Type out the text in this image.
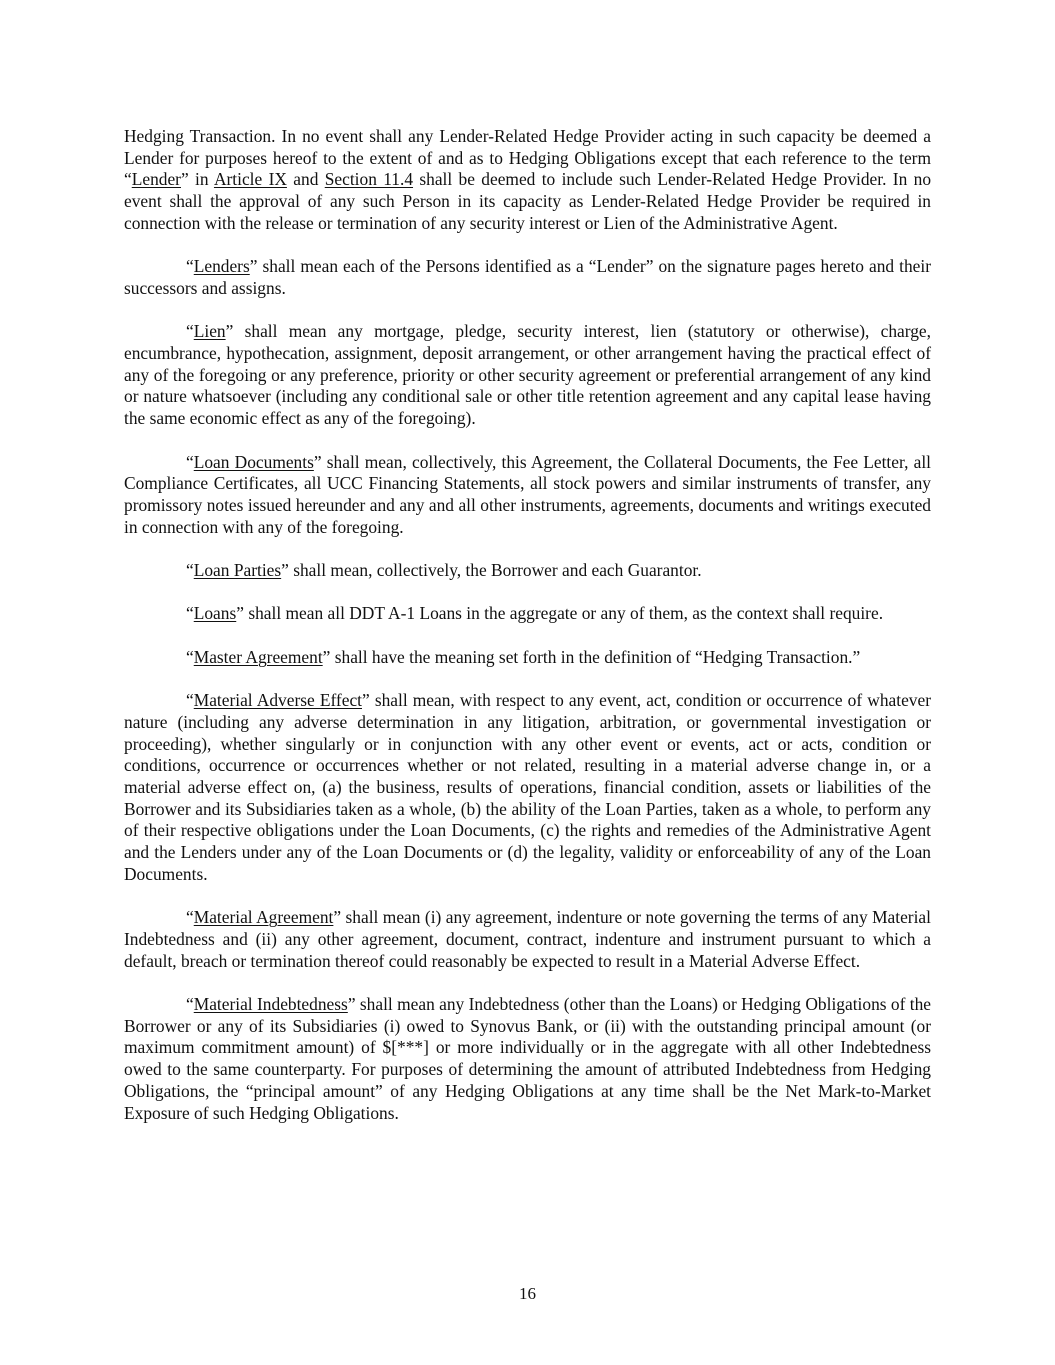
Hedging Transaction. In no event shall any Lender-Related Hedge Provider acting in such capacity be deemed a Lender for purposes hereof to the extent of and as to Hedging Obligations except that each reference to the term “Lender” in Article IX and Section 11.4 shall be deemed to include such Lender-Related Hedge Provider. In no event shall the approval of any such Person in its capacity as Lender-Related Hedge Provider be required in connection with the release or termination of any security interest or Lien of the Administrative Agent.

“Lenders” shall mean each of the Persons identified as a “Lender” on the signature pages hereto and their successors and assigns.

“Lien” shall mean any mortgage, pledge, security interest, lien (statutory or otherwise), charge, encumbrance, hypothecation, assignment, deposit arrangement, or other arrangement having the practical effect of any of the foregoing or any preference, priority or other security agreement or preferential arrangement of any kind or nature whatsoever (including any conditional sale or other title retention agreement and any capital lease having the same economic effect as any of the foregoing).

“Loan Documents” shall mean, collectively, this Agreement, the Collateral Documents, the Fee Letter, all Compliance Certificates, all UCC Financing Statements, all stock powers and similar instruments of transfer, any promissory notes issued hereunder and any and all other instruments, agreements, documents and writings executed in connection with any of the foregoing.

“Loan Parties” shall mean, collectively, the Borrower and each Guarantor.

“Loans” shall mean all DDT A-1 Loans in the aggregate or any of them, as the context shall require.

“Master Agreement” shall have the meaning set forth in the definition of “Hedging Transaction.”

“Material Adverse Effect” shall mean, with respect to any event, act, condition or occurrence of whatever nature (including any adverse determination in any litigation, arbitration, or governmental investigation or proceeding), whether singularly or in conjunction with any other event or events, act or acts, condition or conditions, occurrence or occurrences whether or not related, resulting in a material adverse change in, or a material adverse effect on, (a) the business, results of operations, financial condition, assets or liabilities of the Borrower and its Subsidiaries taken as a whole, (b) the ability of the Loan Parties, taken as a whole, to perform any of their respective obligations under the Loan Documents, (c) the rights and remedies of the Administrative Agent and the Lenders under any of the Loan Documents or (d) the legality, validity or enforceability of any of the Loan Documents.

“Material Agreement” shall mean (i) any agreement, indenture or note governing the terms of any Material Indebtedness and (ii) any other agreement, document, contract, indenture and instrument pursuant to which a default, breach or termination thereof could reasonably be expected to result in a Material Adverse Effect.

“Material Indebtedness” shall mean any Indebtedness (other than the Loans) or Hedging Obligations of the Borrower or any of its Subsidiaries (i) owed to Synovus Bank, or (ii) with the outstanding principal amount (or maximum commitment amount) of $[***] or more individually or in the aggregate with all other Indebtedness owed to the same counterparty. For purposes of determining the amount of attributed Indebtedness from Hedging Obligations, the “principal amount” of any Hedging Obligations at any time shall be the Net Mark-to-Market Exposure of such Hedging Obligations.

16
